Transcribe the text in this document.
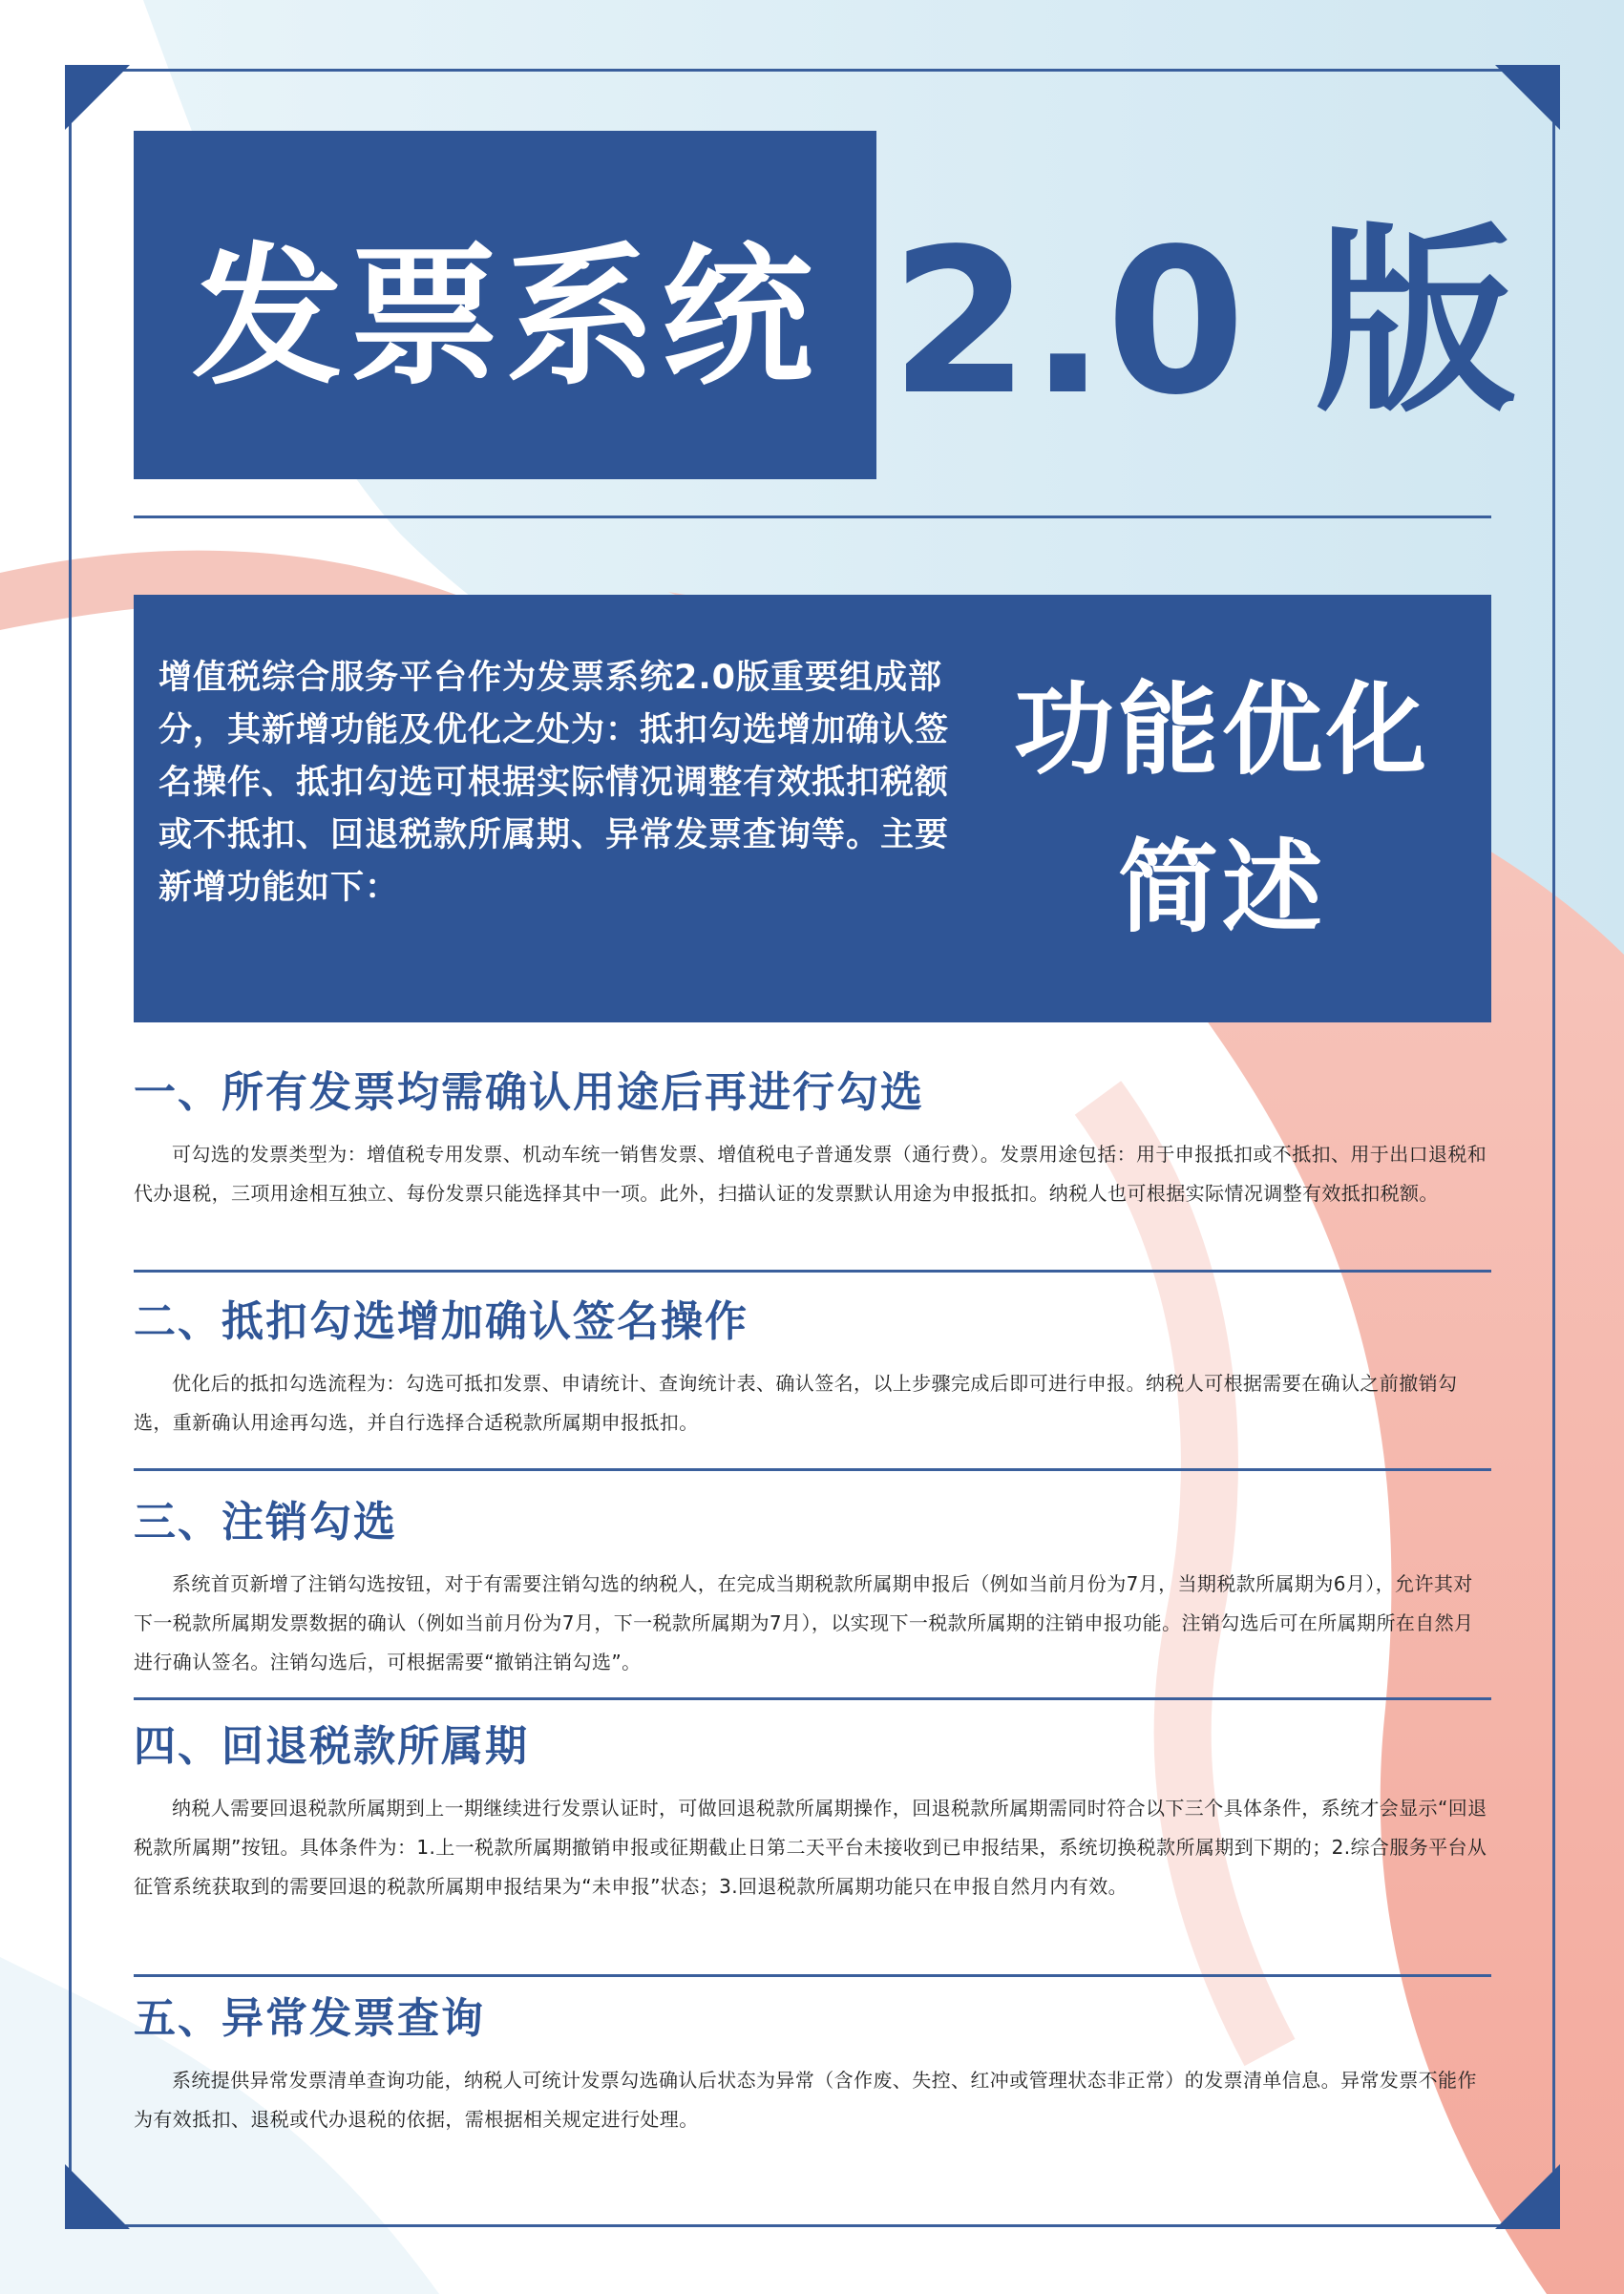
发票系统 2.0 版
增值税综合服务平台作为发票系统2.0版重要组成部分，其新增功能及优化之处为：抵扣勾选增加确认签名操作、抵扣勾选可根据实际情况调整有效抵扣税额或不抵扣、回退税款所属期、异常发票查询等。主要新增功能如下：
功能优化
简述
一、所有发票均需确认用途后再进行勾选
可勾选的发票类型为：增值税专用发票、机动车统一销售发票、增值税电子普通发票（通行费）。发票用途包括：用于申报抵扣或不抵扣、用于出口退税和代办退税，三项用途相互独立、每份发票只能选择其中一项。此外，扫描认证的发票默认用途为申报抵扣。纳税人也可根据实际情况调整有效抵扣税额。
二、抵扣勾选增加确认签名操作
优化后的抵扣勾选流程为：勾选可抵扣发票、申请统计、查询统计表、确认签名，以上步骤完成后即可进行申报。纳税人可根据需要在确认之前撤销勾选，重新确认用途再勾选，并自行选择合适税款所属期申报抵扣。
三、注销勾选
系统首页新增了注销勾选按钮，对于有需要注销勾选的纳税人，在完成当期税款所属期申报后（例如当前月份为7月，当期税款所属期为6月），允许其对下一税款所属期发票数据的确认（例如当前月份为7月，下一税款所属期为7月），以实现下一税款所属期的注销申报功能。注销勾选后可在所属期所在自然月进行确认签名。注销勾选后，可根据需要“撤销注销勾选”。
四、回退税款所属期
纳税人需要回退税款所属期到上一期继续进行发票认证时，可做回退税款所属期操作，回退税款所属期需同时符合以下三个具体条件，系统才会显示“回退税款所属期”按钮。具体条件为：1.上一税款所属期撤销申报或征期截止日第二天平台未接收到已申报结果，系统切换税款所属期到下期的；2.综合服务平台从征管系统获取到的需要回退的税款所属期申报结果为“未申报”状态；3.回退税款所属期功能只在申报自然月内有效。
五、异常发票查询
系统提供异常发票清单查询功能，纳税人可统计发票勾选确认后状态为异常（含作废、失控、红冲或管理状态非正常）的发票清单信息。异常发票不能作为有效抵扣、退税或代办退税的依据，需根据相关规定进行处理。
